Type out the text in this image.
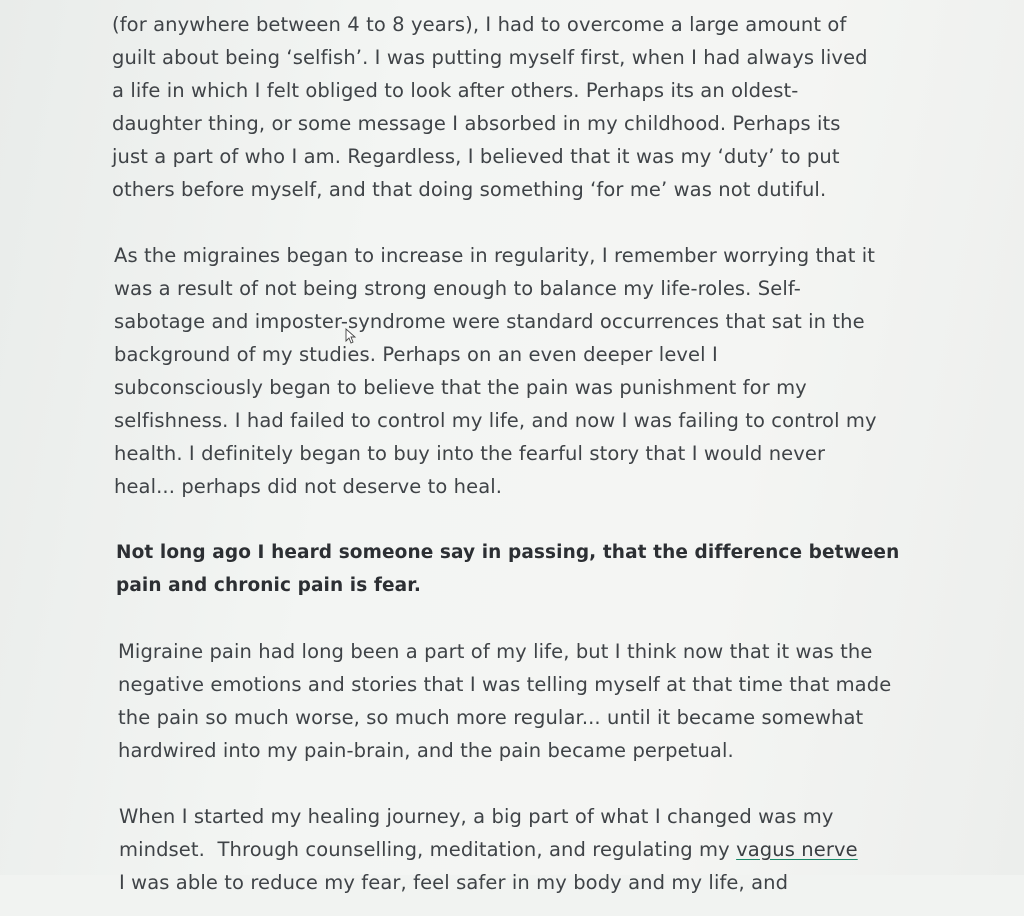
(for anywhere between 4 to 8 years), I had to overcome a large amount of
guilt about being ‘selfish’. I was putting myself first, when I had always lived
a life in which I felt obliged to look after others. Perhaps its an oldest-
daughter thing, or some message I absorbed in my childhood. Perhaps its
just a part of who I am. Regardless, I believed that it was my ‘duty’ to put
others before myself, and that doing something ‘for me’ was not dutiful.
As the migraines began to increase in regularity, I remember worrying that it
was a result of not being strong enough to balance my life-roles. Self-
sabotage and imposter-syndrome were standard occurrences that sat in the
background of my studies. Perhaps on an even deeper level I
subconsciously began to believe that the pain was punishment for my
selfishness. I had failed to control my life, and now I was failing to control my
health. I definitely began to buy into the fearful story that I would never
heal... perhaps did not deserve to heal.
Not long ago I heard someone say in passing, that the difference between
pain and chronic pain is fear.
Migraine pain had long been a part of my life, but I think now that it was the
negative emotions and stories that I was telling myself at that time that made
the pain so much worse, so much more regular... until it became somewhat
hardwired into my pain-brain, and the pain became perpetual.
When I started my healing journey, a big part of what I changed was my
mindset.  Through counselling, meditation, and regulating my vagus nerve
I was able to reduce my fear, feel safer in my body and my life, and
